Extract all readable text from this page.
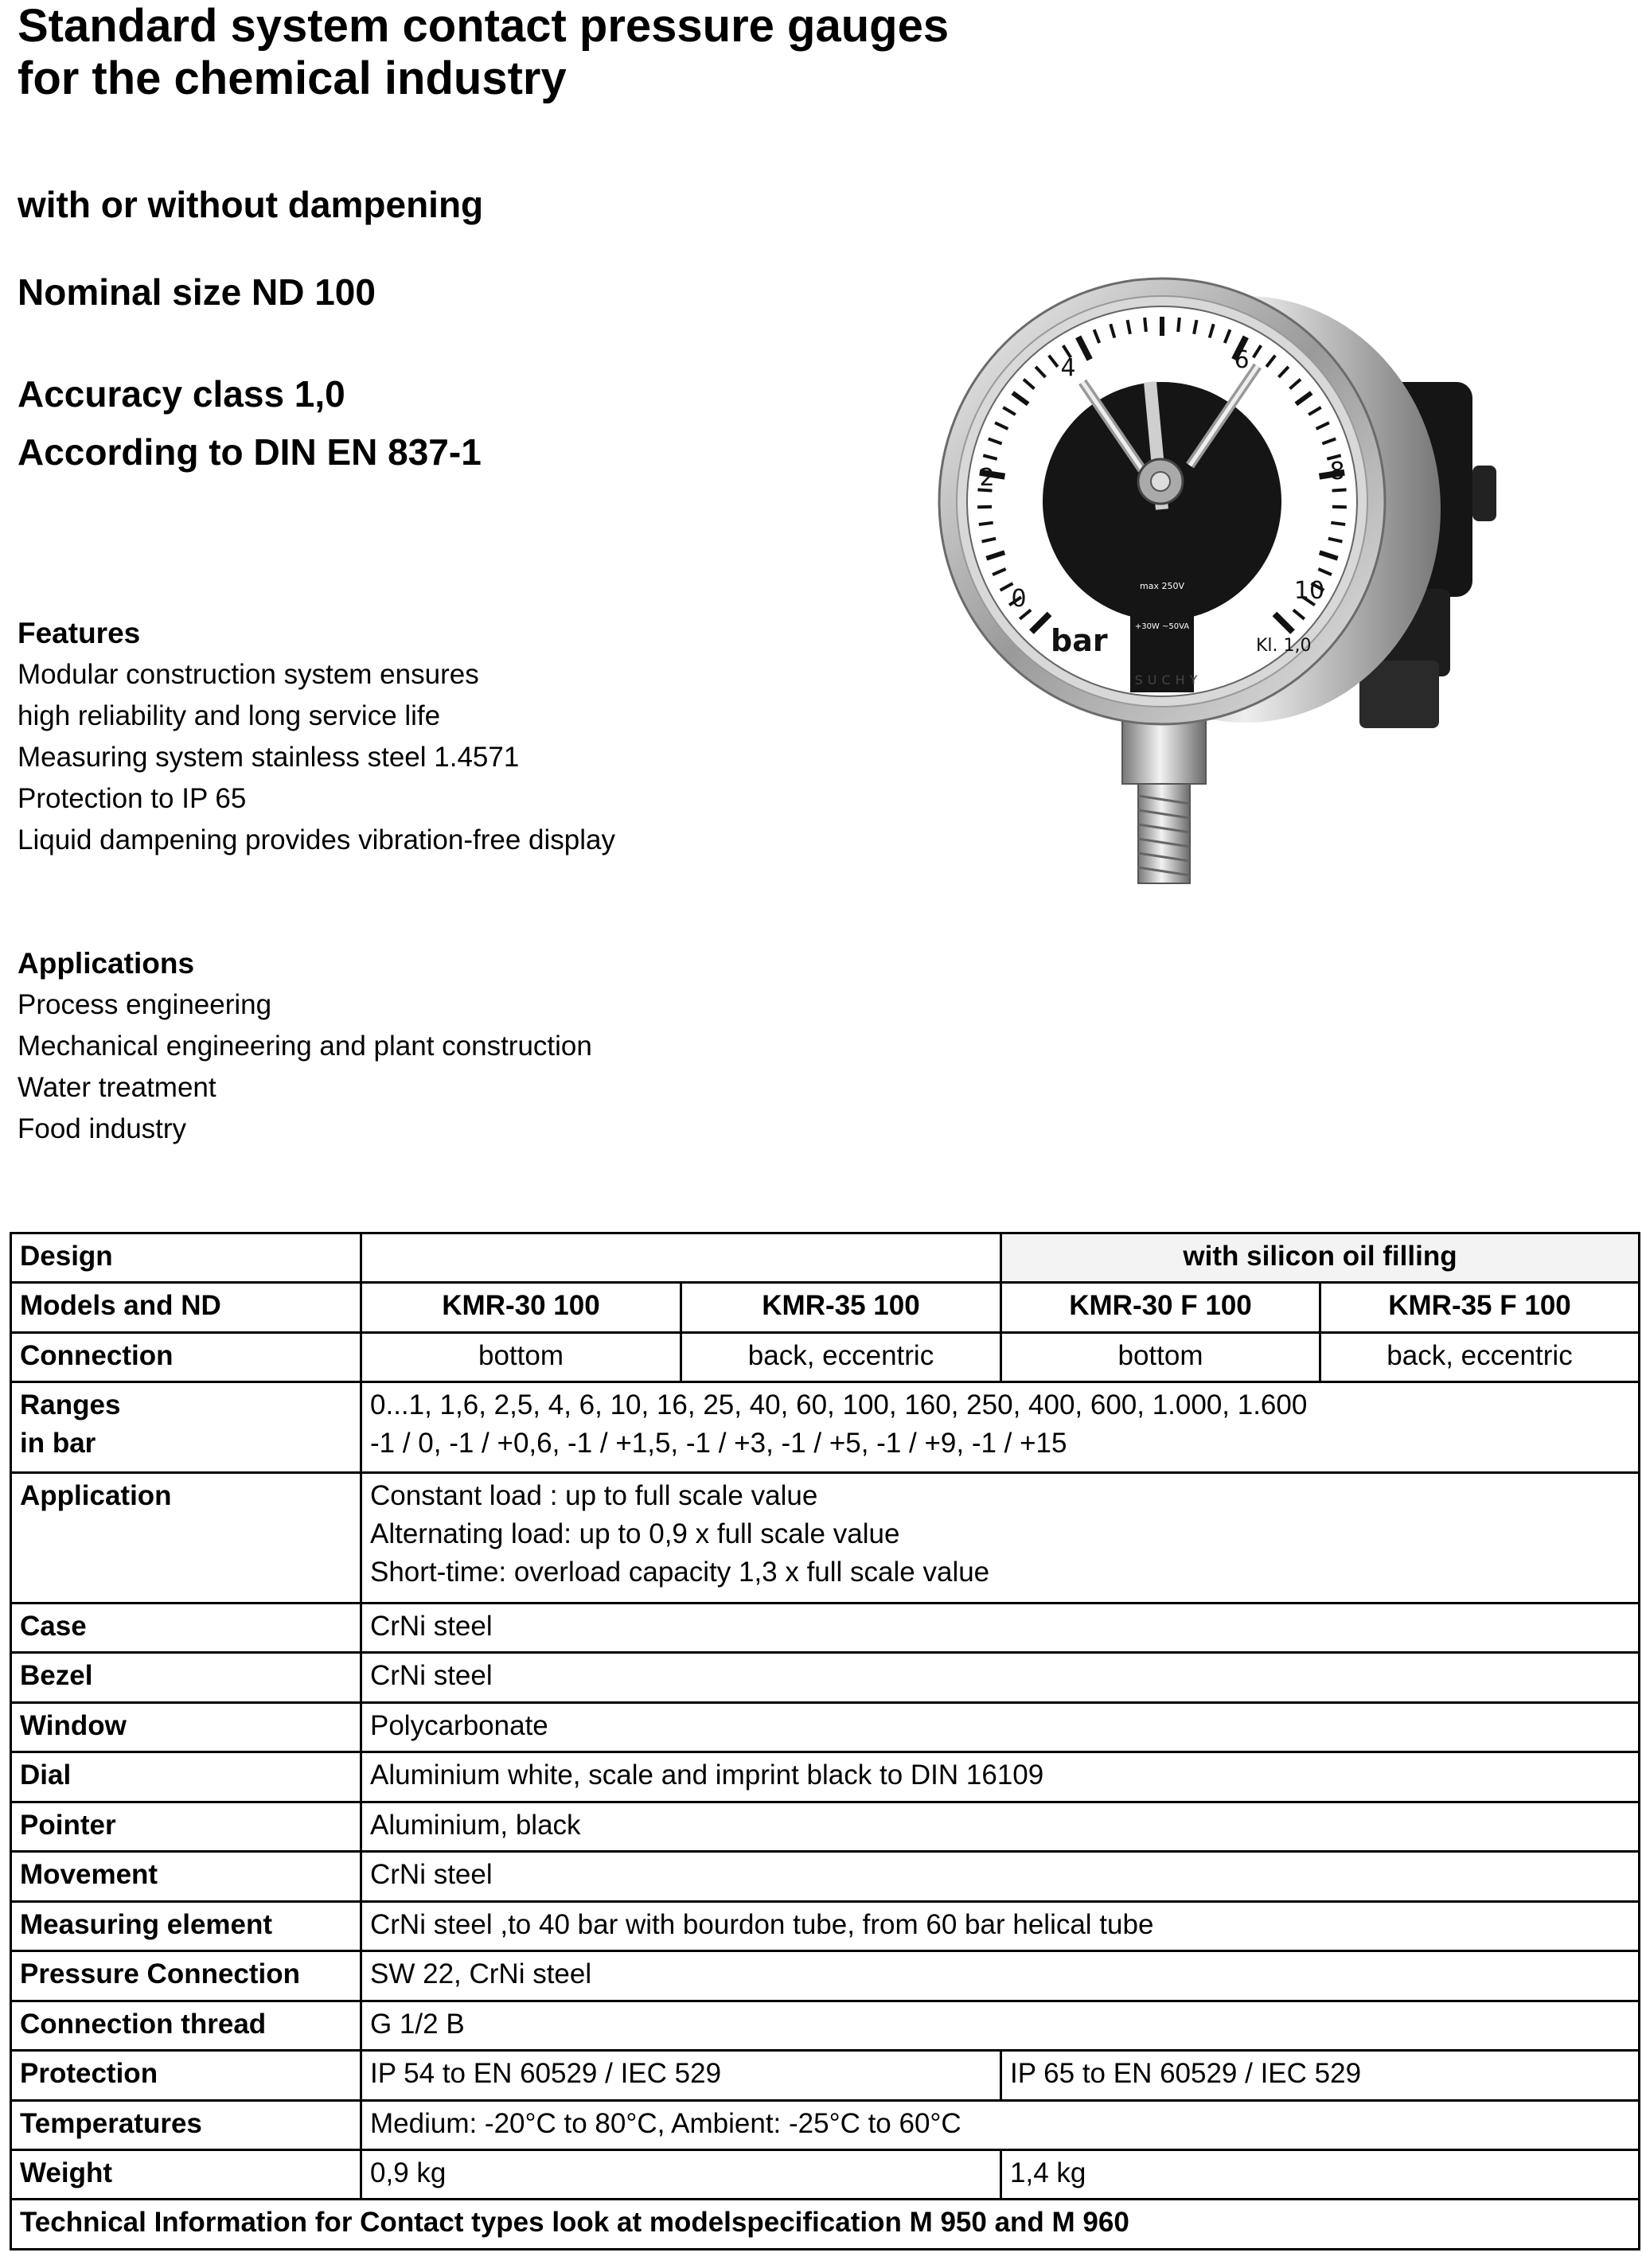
Standard system contact pressure gauges
for the chemical industry

with or without dampening

Nominal size ND 100

Accuracy class 1,0

According to DIN EN 837-1

Features
Modular construction system ensures
high reliability and long service life
Measuring system stainless steel 1.4571
Protection to IP 65
Liquid dampening provides vibration-free display
Applications
Process engineering
Mechanical engineering and plant construction
Water treatment
Food industry
0
2
4	6
8
10
bar	Kl. 1,0
SUCHY
max 250V
+30W ~50VA
Design			with silicon oil filling	
Models and ND	KMR-30 100	KMR-35 100	KMR-30 F 100	KMR-35 F 100
Connection	bottom	back, eccentric	bottom	back, eccentric
Ranges
in bar	0...1, 1,6, 2,5, 4, 6, 10, 16, 25, 40, 60, 100, 160, 250, 400, 600, 1.000, 1.600
-1 / 0, -1 / +0,6, -1 / +1,5, -1 / +3, -1 / +5, -1 / +9, -1 / +15			
Application	Constant load : up to full scale value
Alternating load: up to 0,9 x full scale value
Short-time: overload capacity 1,3 x full scale value			
Case	CrNi steel			
Bezel	CrNi steel			
Window	Polycarbonate			
Dial	Aluminium white, scale and imprint black to DIN 16109			
Pointer	Aluminium, black			
Movement	CrNi steel			
Measuring element	CrNi steel ,to 40 bar with bourdon tube, from 60 bar helical tube			
Pressure Connection	SW 22, CrNi steel			
Connection thread	G 1/2 B			
Protection	IP 54 to EN 60529 / IEC 529		IP 65 to EN 60529 / IEC 529	
Temperatures	Medium: -20°C to 80°C, Ambient: -25°C to 60°C			
Weight	0,9 kg		1,4 kg	
Technical Information for Contact types look at modelspecification M 950 and M 960				
